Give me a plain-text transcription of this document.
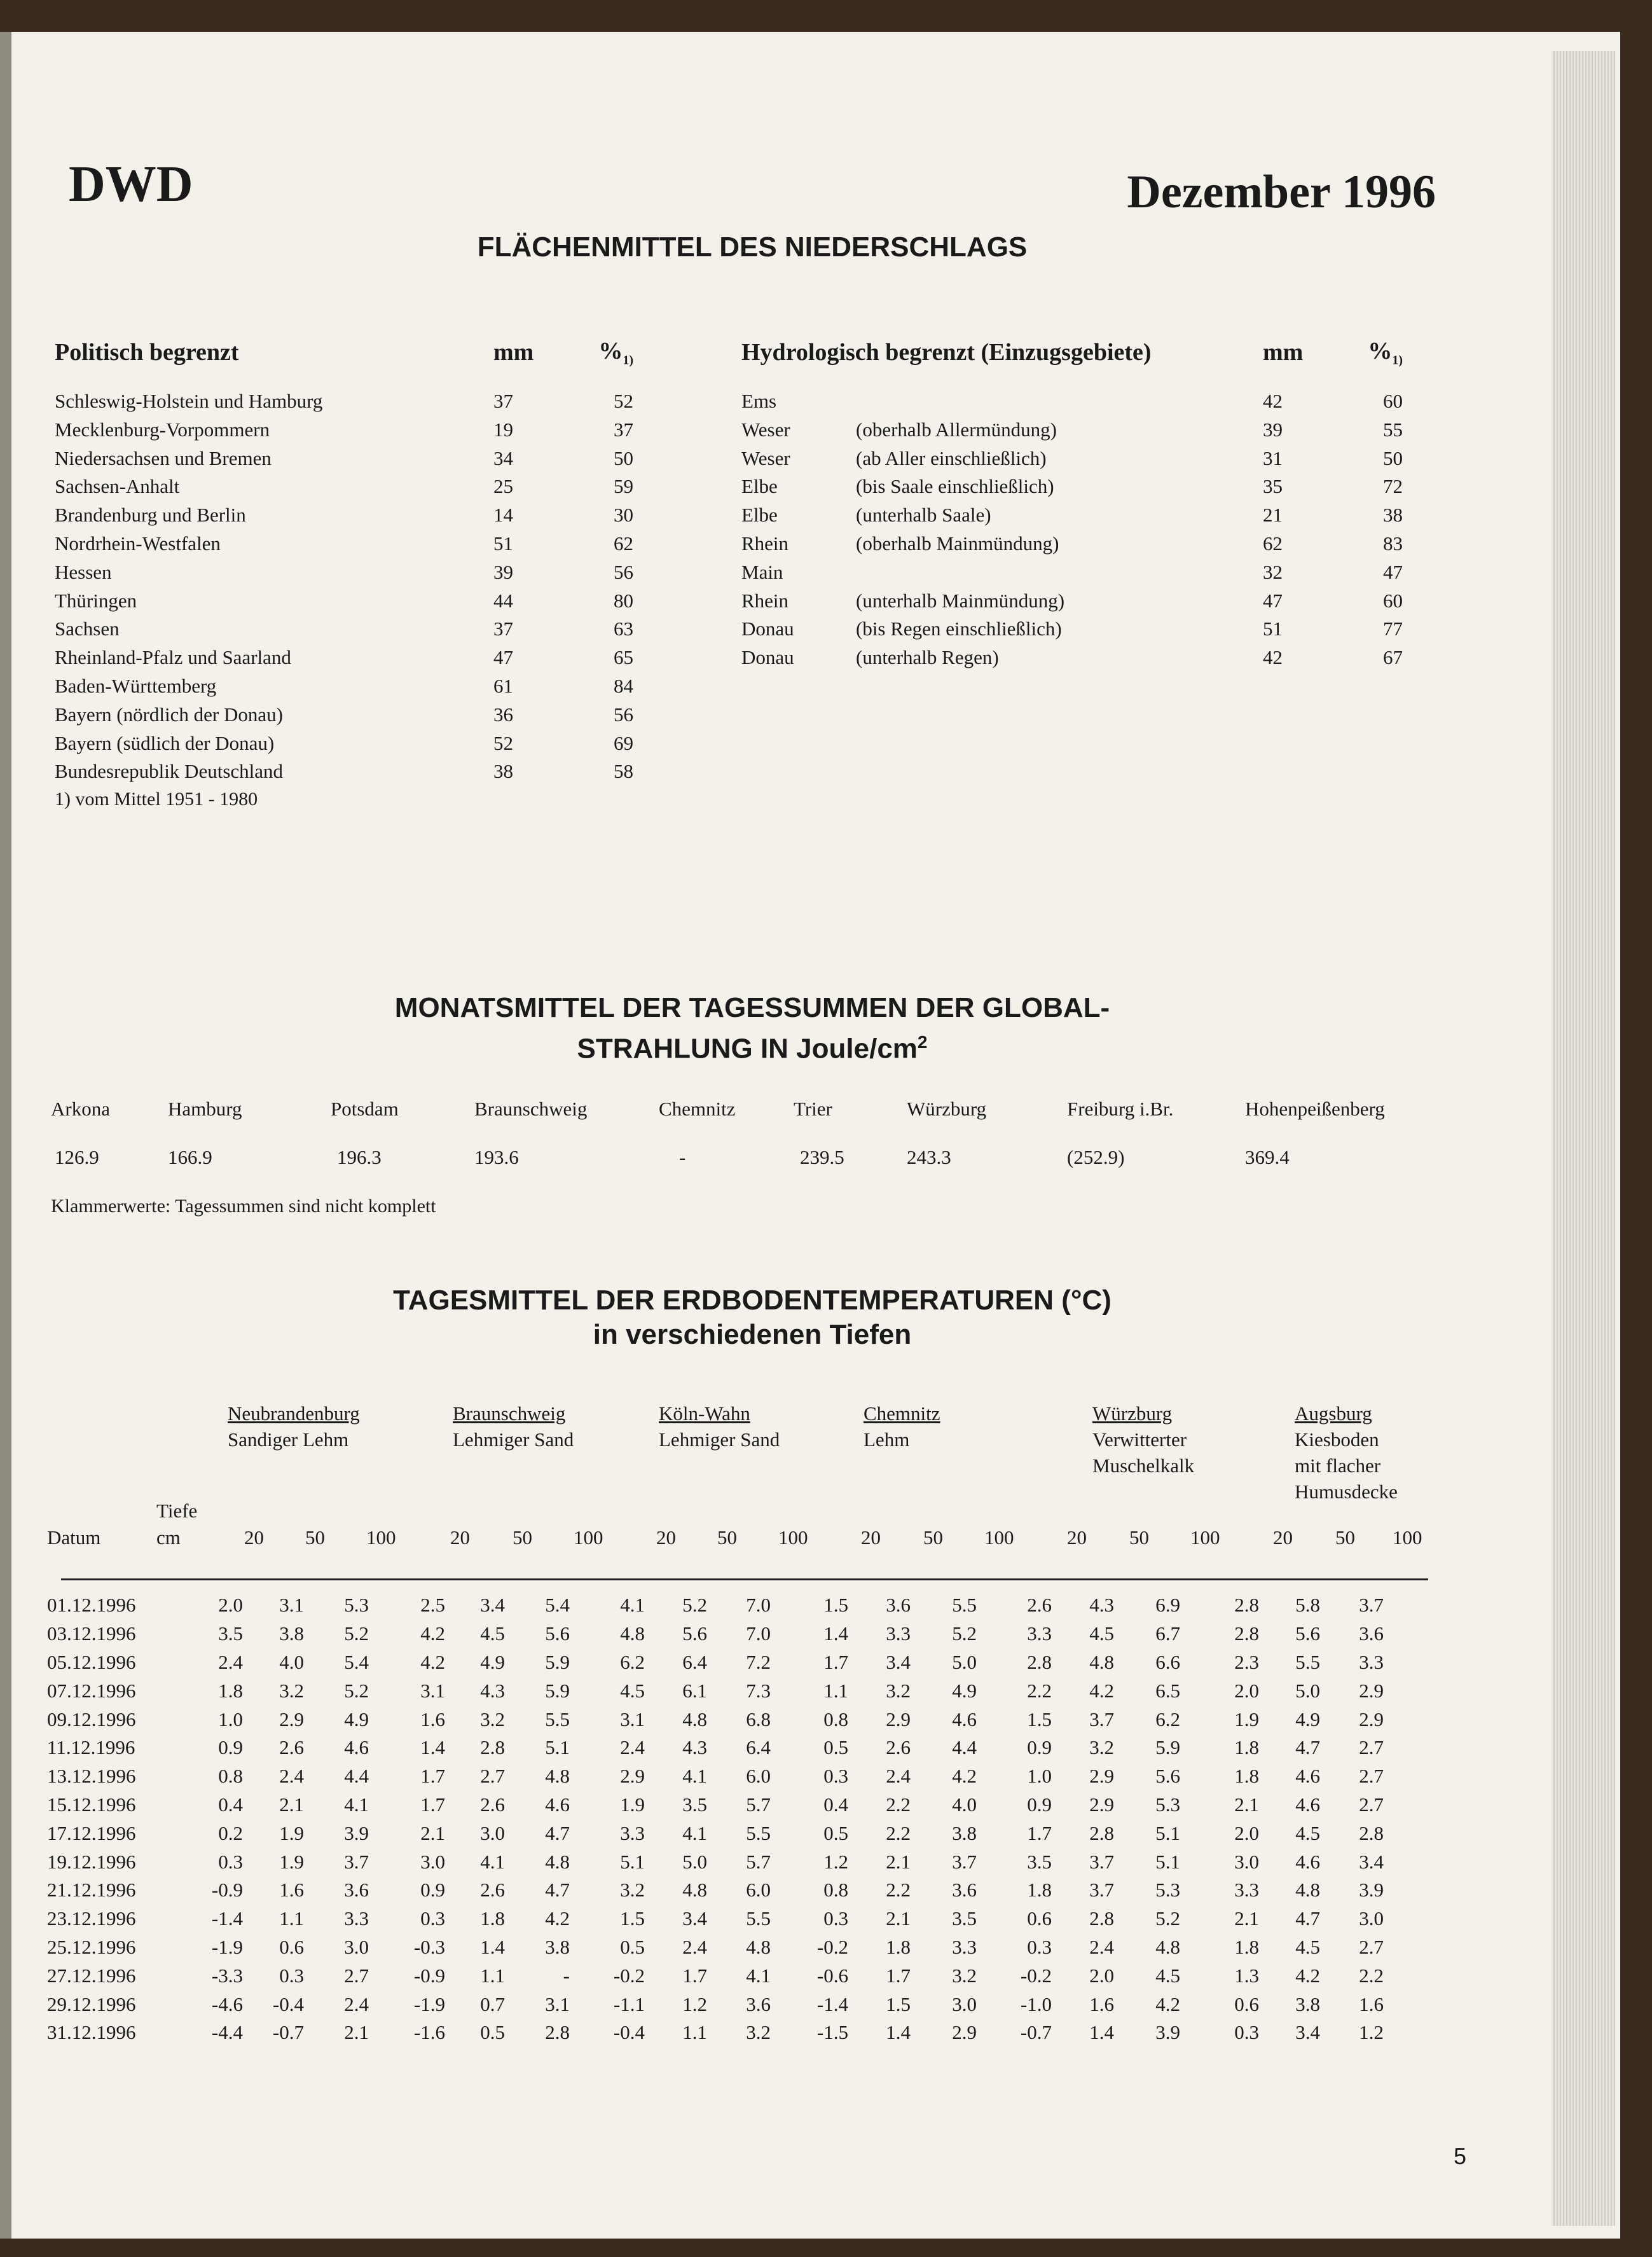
DWD	Dezember 1996
FLÄCHENMITTEL DES NIEDERSCHLAGS
Politisch begrenzt	mm	$\%_{1)}$
Schleswig-Holstein und Hamburg	37	52
Mecklenburg-Vorpommern	19	37
Niedersachsen und Bremen	34	50
Sachsen-Anhalt	25	59
Brandenburg und Berlin	14	30
Nordrhein-Westfalen	51	62
Hessen	39	56
Thüringen	44	80
Sachsen	37	63
Rheinland-Pfalz und Saarland	47	65
Baden-Württemberg	61	84
Bayern (nördlich der Donau)	36	56
Bayern (südlich der Donau)	52	69
Bundesrepublik Deutschland	38	58
Hydrologisch begrenzt (Einzugsgebiete)		mm	$\%_{1)}$
Ems		42	60
Weser	(oberhalb Allermündung)	39	55
Weser	(ab Aller einschließlich)	31	50
Elbe	(bis Saale einschließlich)	35	72
Elbe	(unterhalb Saale)	21	38
Rhein	(oberhalb Mainmündung)	62	83
Main		32	47
Rhein	(unterhalb Mainmündung)	47	60
Donau	(bis Regen einschließlich)	51	77
Donau	(unterhalb Regen)	42	67
1) vom Mittel 1951 - 1980
MONATSMITTEL DER TAGESSUMMEN DER GLOBAL-
STRAHLUNG IN Joule/$cm^2$
Arkona	Hamburg	Potsdam	Braunschweig	Chemnitz	Trier	Würzburg	Freiburg i.Br.	Hohenpeißenberg
126.9	166.9	196.3	193.6	-	239.5	243.3	(252.9)	369.4
Klammerwerte: Tagessummen sind nicht komplett
TAGESMITTEL DER ERDBODENTEMPERATUREN (°C)
in verschiedenen Tiefen
Neubrandenburg
Sandiger Lehm
Braunschweig
Lehmiger Sand
Köln-Wahn
Lehmiger Sand
Chemnitz
Lehm
Würzburg
Verwitterter
Muschelkalk
Augsburg
Kiesboden
mit flacher
Humusdecke
Tiefe
Datum	cm	20 50 100	20 50 100	20 50 100	20 50 100	20 50 100	20 50 100
01.12.1996	2.0	3.1	5.3	2.5	3.4	5.4	4.1	5.2	7.0	1.5	3.6	5.5	2.6	4.3	6.9	2.8	5.8	3.7
03.12.1996	3.5	3.8	5.2	4.2	4.5	5.6	4.8	5.6	7.0	1.4	3.3	5.2	3.3	4.5	6.7	2.8	5.6	3.6
05.12.1996	2.4	4.0	5.4	4.2	4.9	5.9	6.2	6.4	7.2	1.7	3.4	5.0	2.8	4.8	6.6	2.3	5.5	3.3
07.12.1996	1.8	3.2	5.2	3.1	4.3	5.9	4.5	6.1	7.3	1.1	3.2	4.9	2.2	4.2	6.5	2.0	5.0	2.9
09.12.1996	1.0	2.9	4.9	1.6	3.2	5.5	3.1	4.8	6.8	0.8	2.9	4.6	1.5	3.7	6.2	1.9	4.9	2.9
11.12.1996	0.9	2.6	4.6	1.4	2.8	5.1	2.4	4.3	6.4	0.5	2.6	4.4	0.9	3.2	5.9	1.8	4.7	2.7
13.12.1996	0.8	2.4	4.4	1.7	2.7	4.8	2.9	4.1	6.0	0.3	2.4	4.2	1.0	2.9	5.6	1.8	4.6	2.7
15.12.1996	0.4	2.1	4.1	1.7	2.6	4.6	1.9	3.5	5.7	0.4	2.2	4.0	0.9	2.9	5.3	2.1	4.6	2.7
17.12.1996	0.2	1.9	3.9	2.1	3.0	4.7	3.3	4.1	5.5	0.5	2.2	3.8	1.7	2.8	5.1	2.0	4.5	2.8
19.12.1996	0.3	1.9	3.7	3.0	4.1	4.8	5.1	5.0	5.7	1.2	2.1	3.7	3.5	3.7	5.1	3.0	4.6	3.4
21.12.1996	-0.9	1.6	3.6	0.9	2.6	4.7	3.2	4.8	6.0	0.8	2.2	3.6	1.8	3.7	5.3	3.3	4.8	3.9
23.12.1996	-1.4	1.1	3.3	0.3	1.8	4.2	1.5	3.4	5.5	0.3	2.1	3.5	0.6	2.8	5.2	2.1	4.7	3.0
25.12.1996	-1.9	0.6	3.0	-0.3	1.4	3.8	0.5	2.4	4.8	-0.2	1.8	3.3	0.3	2.4	4.8	1.8	4.5	2.7
27.12.1996	-3.3	0.3	2.7	-0.9	1.1	-	-0.2	1.7	4.1	-0.6	1.7	3.2	-0.2	2.0	4.5	1.3	4.2	2.2
29.12.1996	-4.6	-0.4	2.4	-1.9	0.7	3.1	-1.1	1.2	3.6	-1.4	1.5	3.0	-1.0	1.6	4.2	0.6	3.8	1.6
31.12.1996	-4.4	-0.7	2.1	-1.6	0.5	2.8	-0.4	1.1	3.2	-1.5	1.4	2.9	-0.7	1.4	3.9	0.3	3.4	1.2
5
